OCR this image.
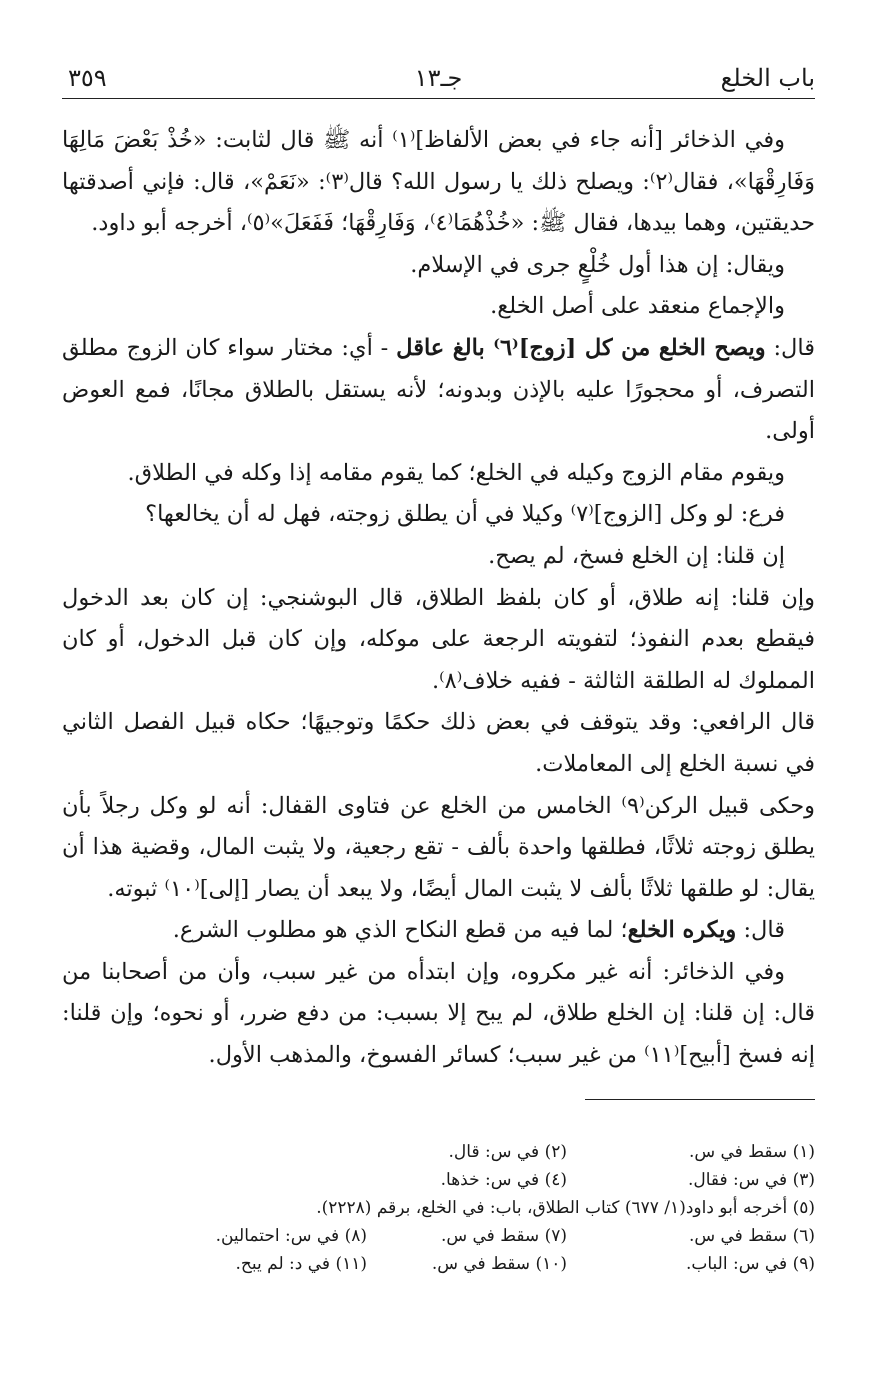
باب الخلع
جـ١٣
٣٥٩

وفي الذخائر [أنه جاء في بعض الألفاظ]⁽١⁾ أنه ﷺ قال لثابت: «خُذْ بَعْضَ مَالِهَا وَفَارِقْهَا»، فقال⁽٢⁾: ويصلح ذلك يا رسول الله؟ قال⁽٣⁾: «نَعَمْ»، قال: فإني أصدقتها حديقتين، وهما بيدها، فقال ﷺ: «خُذْهُمَا⁽٤⁾، وَفَارِقْهَا؛ فَفَعَلَ»⁽٥⁾، أخرجه أبو داود.

ويقال: إن هذا أول خُلْعٍ جرى في الإسلام.

والإجماع منعقد على أصل الخلع.

قال: ويصح الخلع من كل [زوج]⁽٦⁾ بالغ عاقل - أي: مختار سواء كان الزوج مطلق التصرف، أو محجورًا عليه بالإذن وبدونه؛ لأنه يستقل بالطلاق مجانًا، فمع العوض أولى.

ويقوم مقام الزوج وكيله في الخلع؛ كما يقوم مقامه إذا وكله في الطلاق.

فرع: لو وكل [الزوج]⁽٧⁾ وكيلا في أن يطلق زوجته، فهل له أن يخالعها؟

إن قلنا: إن الخلع فسخ، لم يصح.

وإن قلنا: إنه طلاق، أو كان بلفظ الطلاق، قال البوشنجي: إن كان بعد الدخول فيقطع بعدم النفوذ؛ لتفويته الرجعة على موكله، وإن كان قبل الدخول، أو كان المملوك له الطلقة الثالثة - ففيه خلاف⁽٨⁾.

قال الرافعي: وقد يتوقف في بعض ذلك حكمًا وتوجيهًا؛ حكاه قبيل الفصل الثاني في نسبة الخلع إلى المعاملات.

وحكى قبيل الركن⁽٩⁾ الخامس من الخلع عن فتاوى القفال: أنه لو وكل رجلاً بأن يطلق زوجته ثلاثًا، فطلقها واحدة بألف - تقع رجعية، ولا يثبت المال، وقضية هذا أن يقال: لو طلقها ثلاثًا بألف لا يثبت المال أيضًا، ولا يبعد أن يصار [إلى]⁽١٠⁾ ثبوته.

قال: ويكره الخلع؛ لما فيه من قطع النكاح الذي هو مطلوب الشرع.

وفي الذخائر: أنه غير مكروه، وإن ابتدأه من غير سبب، وأن من أصحابنا من قال: إن قلنا: إن الخلع طلاق، لم يبح إلا بسبب: من دفع ضرر، أو نحوه؛ وإن قلنا: إنه فسخ [أبيح]⁽١١⁾ من غير سبب؛ كسائر الفسوخ، والمذهب الأول.

(١) سقط في س.
(٢) في س: قال.
(٣) في س: فقال.
(٤) في س: خذها.
(٥) أخرجه أبو داود(١/ ٦٧٧) كتاب الطلاق، باب: في الخلع، برقم (٢٢٢٨).
(٦) سقط في س.
(٧) سقط في س.
(٨) في س: احتمالين.
(٩) في س: الباب.
(١٠) سقط في س.
(١١) في د: لم يبح.
